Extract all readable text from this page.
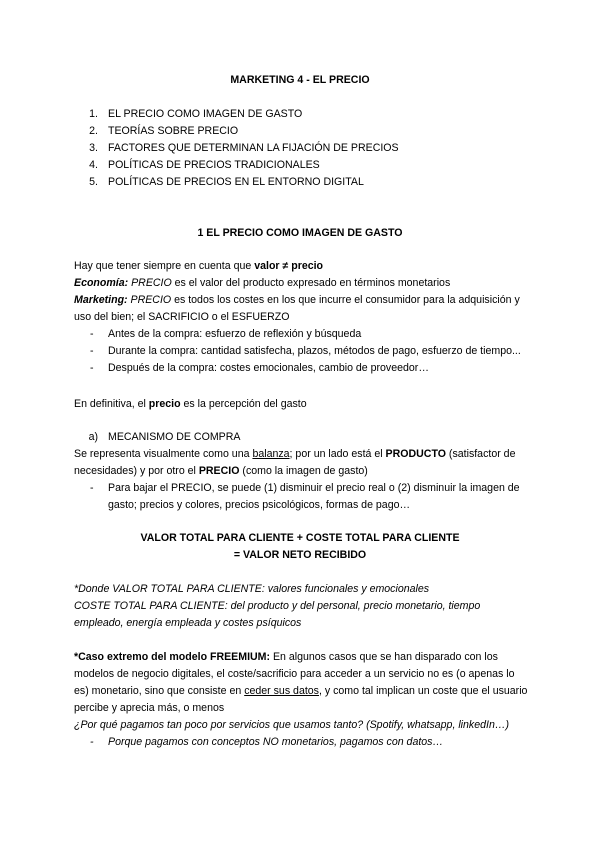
MARKETING 4 - EL PRECIO

1. EL PRECIO COMO IMAGEN DE GASTO
2. TEORÍAS SOBRE PRECIO
3. FACTORES QUE DETERMINAN LA FIJACIÓN DE PRECIOS
4. POLÍTICAS DE PRECIOS TRADICIONALES
5. POLÍTICAS DE PRECIOS EN EL ENTORNO DIGITAL

1 EL PRECIO COMO IMAGEN DE GASTO

Hay que tener siempre en cuenta que valor ≠ precio

Economía: PRECIO es el valor del producto expresado en términos monetarios

Marketing: PRECIO es todos los costes en los que incurre el consumidor para la adquisición y uso del bien; el SACRIFICIO o el ESFUERZO

-	Antes de la compra: esfuerzo de reflexión y búsqueda
-	Durante la compra: cantidad satisfecha, plazos, métodos de pago, esfuerzo de tiempo...
-	Después de la compra: costes emocionales, cambio de proveedor…

En definitiva, el precio es la percepción del gasto

a) MECANISMO DE COMPRA

Se representa visualmente como una balanza; por un lado está el PRODUCTO (satisfactor de necesidades) y por otro el PRECIO (como la imagen de gasto)

-	Para bajar el PRECIO, se puede (1) disminuir el precio real o (2) disminuir la imagen de gasto; precios y colores, precios psicológicos, formas de pago…

VALOR TOTAL PARA CLIENTE + COSTE TOTAL PARA CLIENTE

= VALOR NETO RECIBIDO

*Donde VALOR TOTAL PARA CLIENTE: valores funcionales y emocionales

COSTE TOTAL PARA CLIENTE: del producto y del personal, precio monetario, tiempo empleado, energía empleada y costes psíquicos

*Caso extremo del modelo FREEMIUM: En algunos casos que se han disparado con los modelos de negocio digitales, el coste/sacrificio para acceder a un servicio no es (o apenas lo es) monetario, sino que consiste en ceder sus datos, y como tal implican un coste que el usuario percibe y aprecia más, o menos

¿Por qué pagamos tan poco por servicios que usamos tanto? (Spotify, whatsapp, linkedIn…)

-	Porque pagamos con conceptos NO monetarios, pagamos con datos…
